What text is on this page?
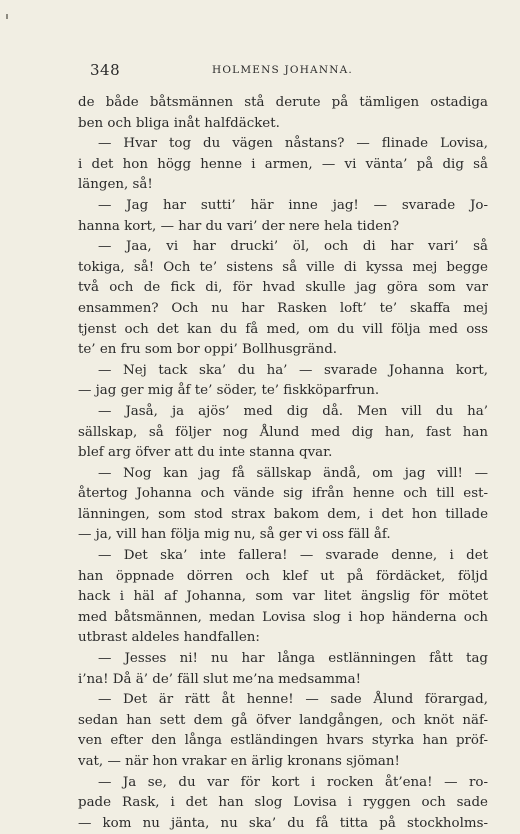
348	HOLMENS JOHANNA.
de både båtsmännen stå derute på tämligen ostadiga
ben och bliga inåt halfdäcket.
— Hvar tog du vägen nåstans? — flinade Lovisa,
i det hon högg henne i armen, — vi vänta’ på dig så
längen, så!
— Jag har sutti’ här inne jag! — svarade Jo-
hanna kort, — har du vari’ der nere hela tiden?
— Jaa, vi har drucki’ öl, och di har vari’ så
tokiga, så! Och te’ sistens så ville di kyssa mej begge
två och de fick di, för hvad skulle jag göra som var
ensammen? Och nu har Rasken loft’ te’ skaffa mej
tjenst och det kan du få med, om du vill följa med oss
te’ en fru som bor oppi’ Bollhusgränd.
— Nej tack ska’ du ha’ — svarade Johanna kort,
— jag ger mig åf te’ söder, te’ fiskköparfrun.
— Jaså, ja ajös’ med dig då. Men vill du ha’
sällskap, så följer nog Ålund med dig han, fast han
blef arg öfver att du inte stanna qvar.
— Nog kan jag få sällskap ändå, om jag vill! —
återtog Johanna och vände sig ifrån henne och till est-
länningen, som stod strax bakom dem, i det hon tillade
— ja, vill han följa mig nu, så ger vi oss fäll åf.
— Det ska’ inte fallera! — svarade denne, i det
han öppnade dörren och klef ut på fördäcket, följd
hack i häl af Johanna, som var litet ängslig för mötet
med båtsmännen, medan Lovisa slog i hop händerna och
utbrast aldeles handfallen:
— Jesses ni! nu har långa estlänningen fått tag
i’na! Då ä’ de’ fäll slut me’na medsamma!
— Det är rätt åt henne! — sade Ålund förargad,
sedan han sett dem gå öfver landgången, och knöt näf-
ven efter den långa estländingen hvars styrka han pröf-
vat, — när hon vrakar en ärlig kronans sjöman!
— Ja se, du var för kort i rocken åt’ena! — ro-
pade Rask, i det han slog Lovisa i ryggen och sade
— kom nu jänta, nu ska’ du få titta på stockholms-
